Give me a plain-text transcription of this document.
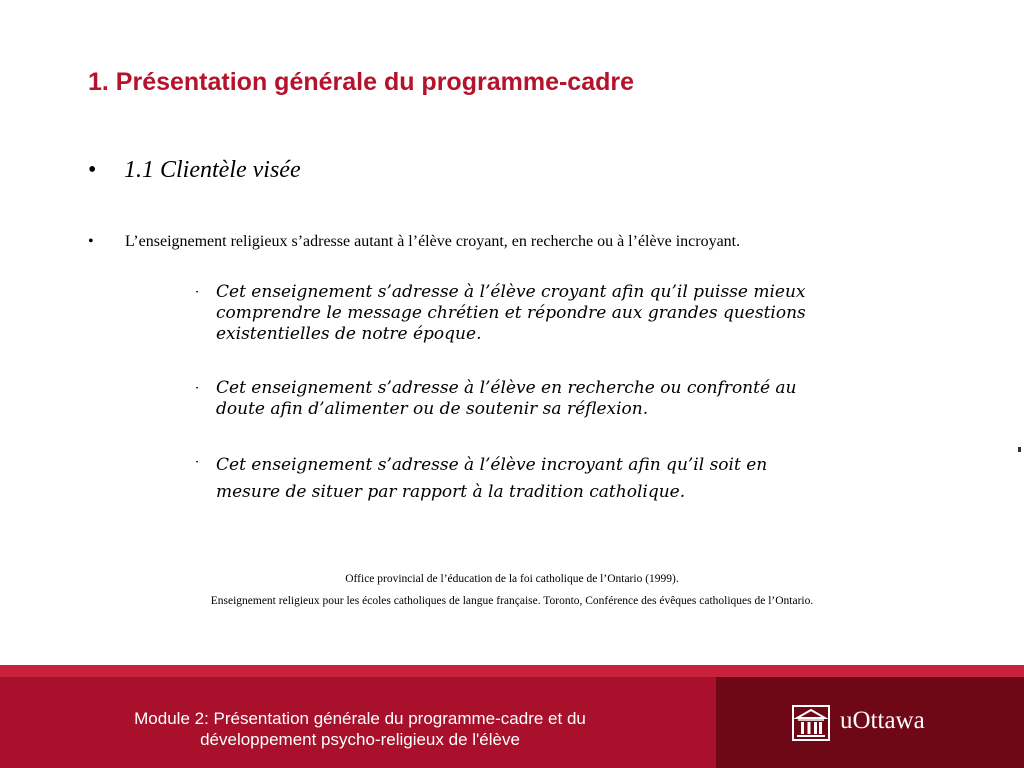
1. Présentation générale du programme-cadre
•	1.1 Clientèle visée
•	L’enseignement religieux s’adresse autant à l’élève croyant, en recherche ou à l’élève incroyant.
· Cet enseignement s’adresse à l’élève croyant afin qu’il puisse mieux
comprendre le message chrétien et répondre aux grandes questions
existentielles de notre époque.
· Cet enseignement s’adresse à l’élève en recherche ou confronté au
doute afin d’alimenter ou de soutenir sa réflexion.
· Cet enseignement s’adresse à l’élève incroyant afin qu’il soit en
mesure de situer par rapport à la tradition catholique.
Office provincial de l’éducation de la foi catholique de l’Ontario (1999).
Enseignement religieux pour les écoles catholiques de langue française. Toronto, Conférence des évêques catholiques de l’Ontario.
Module 2: Présentation générale du programme-cadre et du
développement psycho-religieux de l'élève
uOttawa
